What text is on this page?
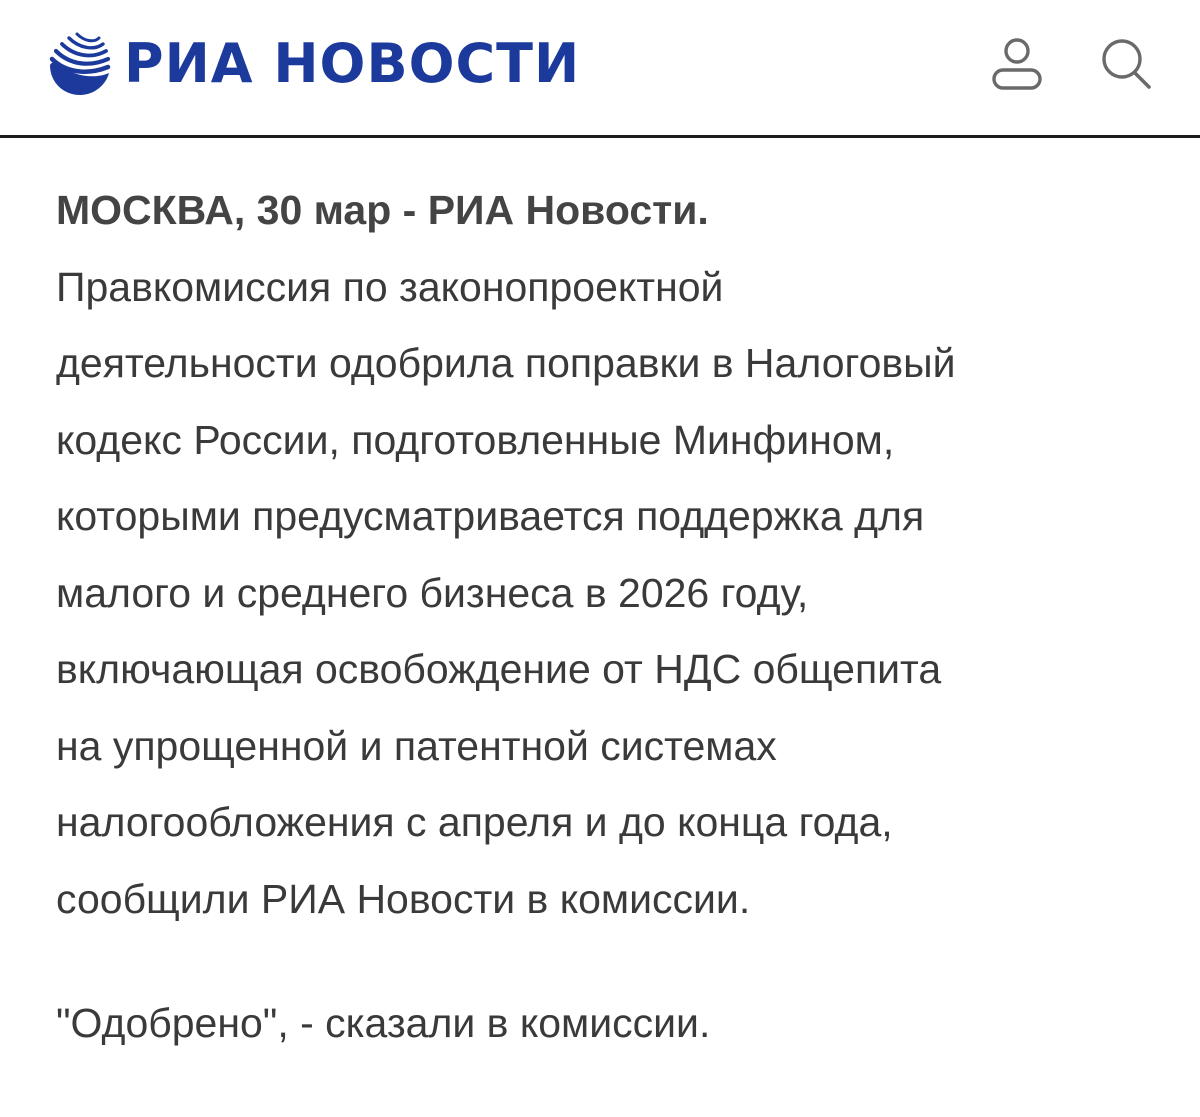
РИА НОВОСТИ

МОСКВА, 30 мар - РИА Новости.
Правкомиссия по законопроектной
деятельности одобрила поправки в Налоговый
кодекс России, подготовленные Минфином,
которыми предусматривается поддержка для
малого и среднего бизнеса в 2026 году,
включающая освобождение от НДС общепита
на упрощенной и патентной системах
налогообложения с апреля и до конца года,
сообщили РИА Новости в комиссии.

"Одобрено", - сказали в комиссии.
